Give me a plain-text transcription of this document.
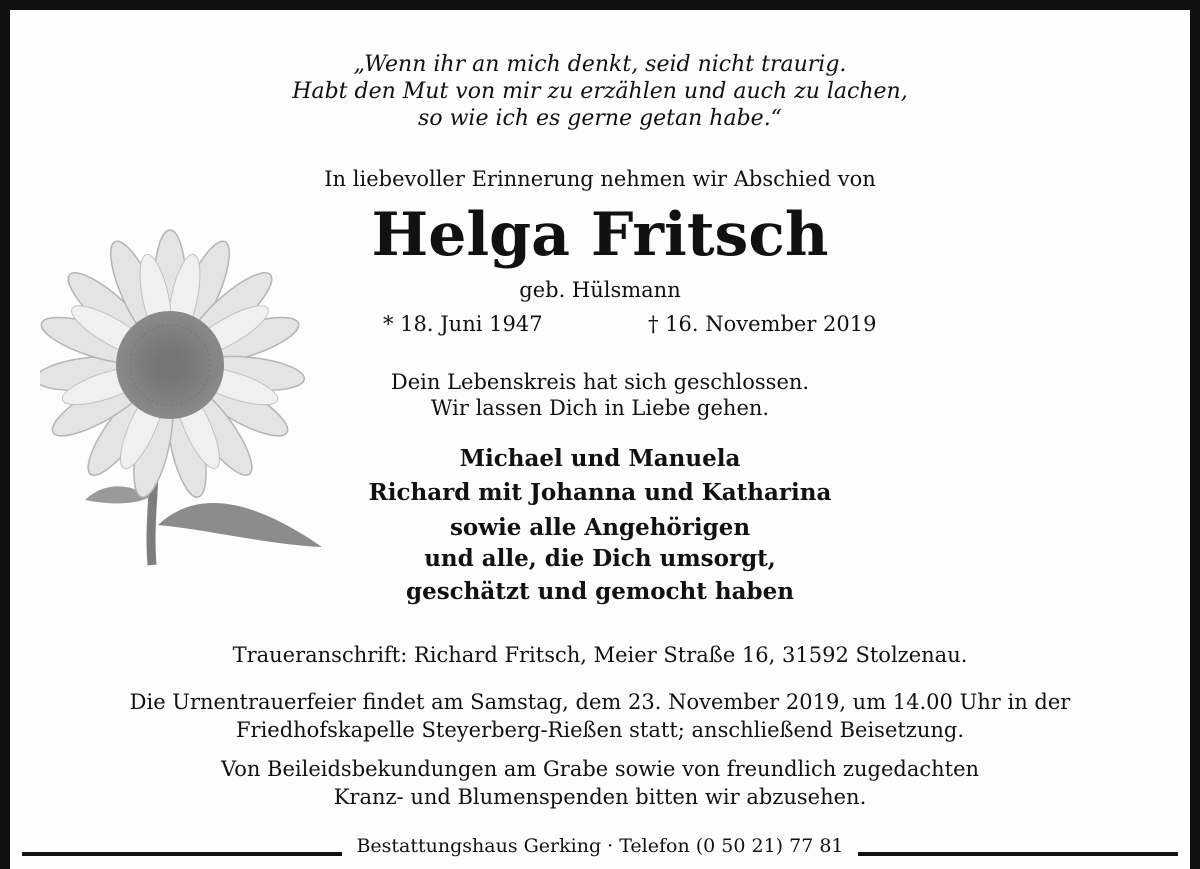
„Wenn ihr an mich denkt, seid nicht traurig.
Habt den Mut von mir zu erzählen und auch zu lachen,
so wie ich es gerne getan habe.“
In liebevoller Erinnerung nehmen wir Abschied von
Helga Fritsch
geb. Hülsmann
* 18. Juni 1947	† 16. November 2019
Dein Lebenskreis hat sich geschlossen.
Wir lassen Dich in Liebe gehen.
Michael und Manuela
Richard mit Johanna und Katharina
sowie alle Angehörigen
und alle, die Dich umsorgt,
geschätzt und gemocht haben
Traueranschrift: Richard Fritsch, Meier Straße 16, 31592 Stolzenau.
Die Urnentrauerfeier findet am Samstag, dem 23. November 2019, um 14.00 Uhr in der
Friedhofskapelle Steyerberg-Rießen statt; anschließend Beisetzung.
Von Beileidsbekundungen am Grabe sowie von freundlich zugedachten
Kranz- und Blumenspenden bitten wir abzusehen.
Bestattungshaus Gerking · Telefon (0 50 21) 77 81
